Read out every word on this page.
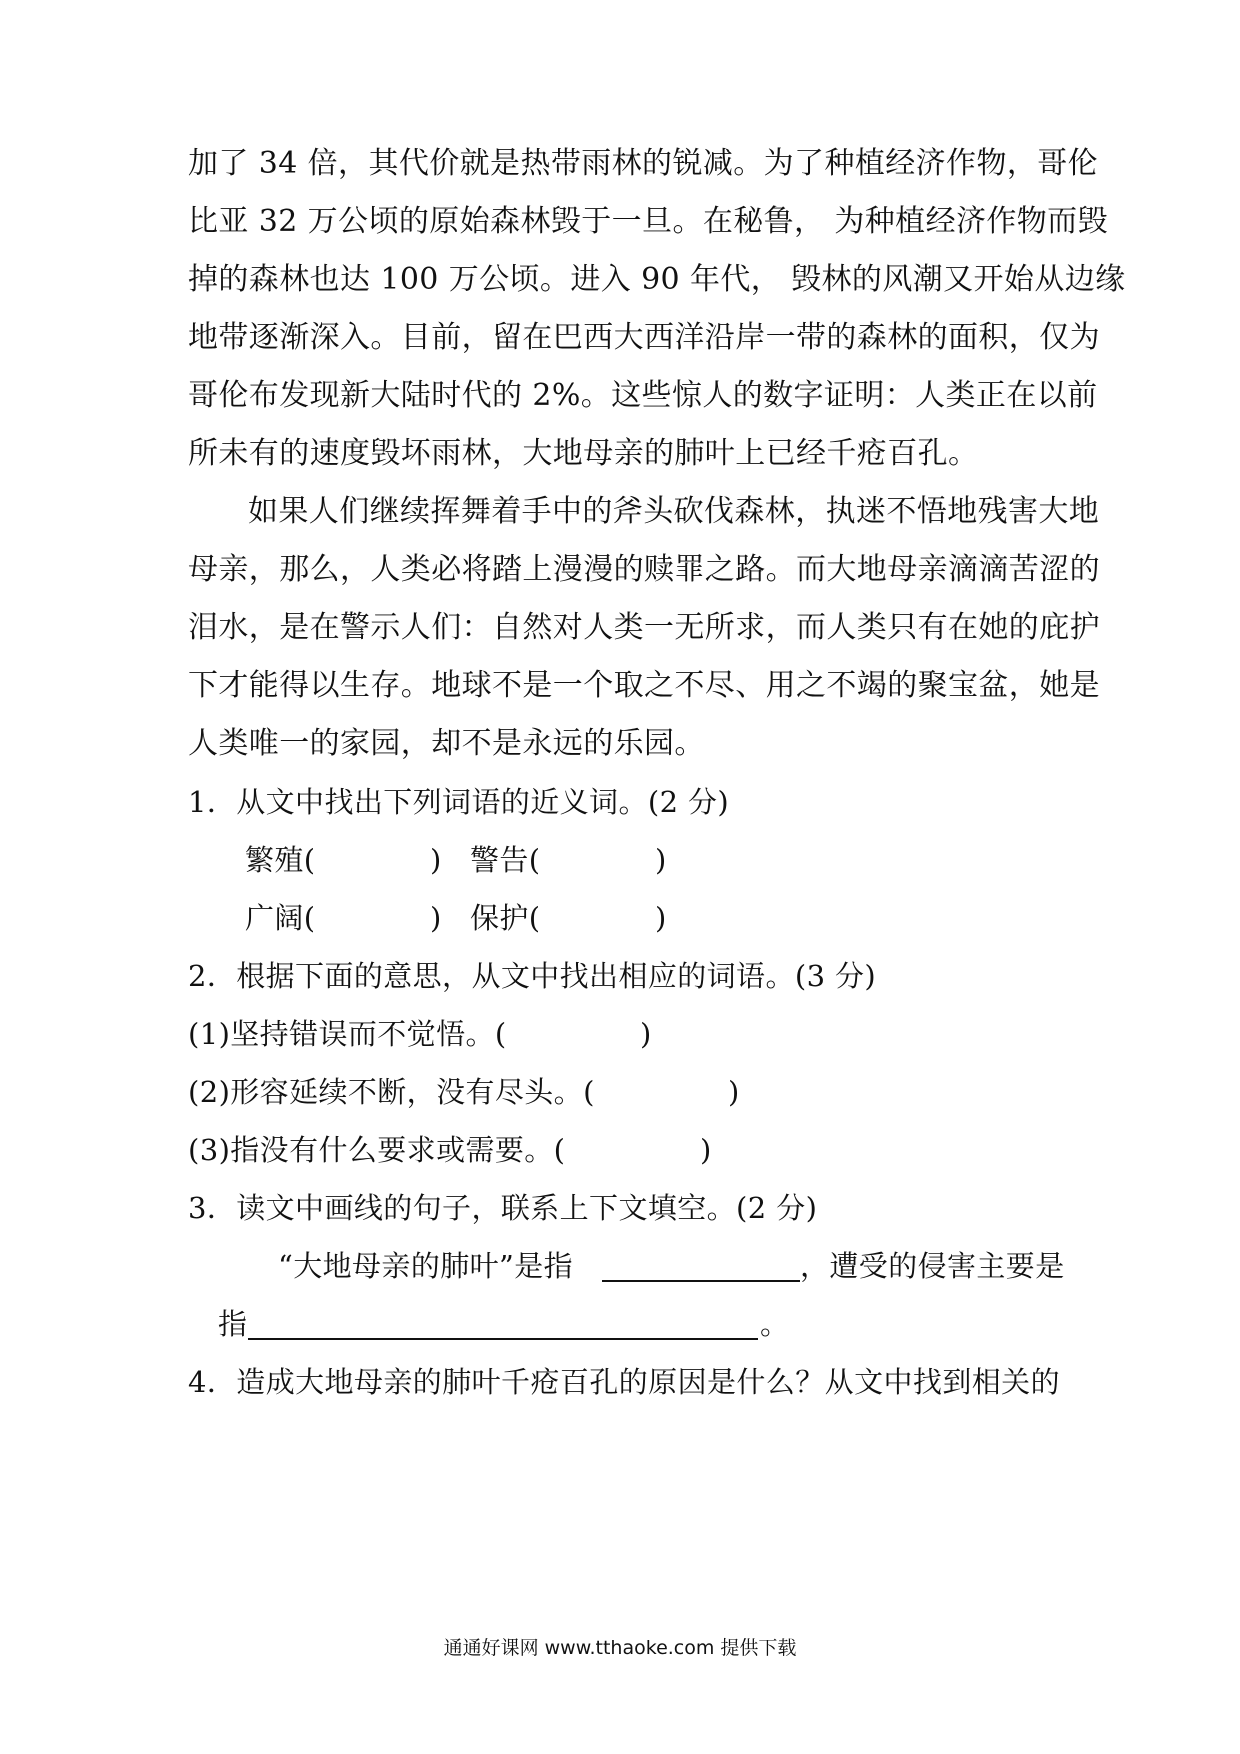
加了 34 倍，其代价就是热带雨林的锐减。为了种植经济作物，哥伦
比亚 32 万公顷的原始森林毁于一旦。在秘鲁， 为种植经济作物而毁
掉的森林也达 100 万公顷。进入 90 年代， 毁林的风潮又开始从边缘
地带逐渐深入。目前，留在巴西大西洋沿岸一带的森林的面积，仅为
哥伦布发现新大陆时代的 2%。这些惊人的数字证明：人类正在以前
所未有的速度毁坏雨林，大地母亲的肺叶上已经千疮百孔。
如果人们继续挥舞着手中的斧头砍伐森林，执迷不悟地残害大地
母亲，那么，人类必将踏上漫漫的赎罪之路。而大地母亲滴滴苦涩的
泪水，是在警示人们：自然对人类一无所求，而人类只有在她的庇护
下才能得以生存。地球不是一个取之不尽、用之不竭的聚宝盆，她是
人类唯一的家园，却不是永远的乐园。
1．从文中找出下列词语的近义词。(2 分)
繁殖(	) 警告(	)
广阔(	) 保护(	)
2．根据下面的意思，从文中找出相应的词语。(3 分)
(1)坚持错误而不觉悟。(	)
(2)形容延续不断，没有尽头。(	)
(3)指没有什么要求或需要。(	)
3．读文中画线的句子，联系上下文填空。(2 分)
“大地母亲的肺叶”是指	，遭受的侵害主要是
指	。
4．造成大地母亲的肺叶千疮百孔的原因是什么？从文中找到相关的
通通好课网 www.tthaoke.com 提供下载
